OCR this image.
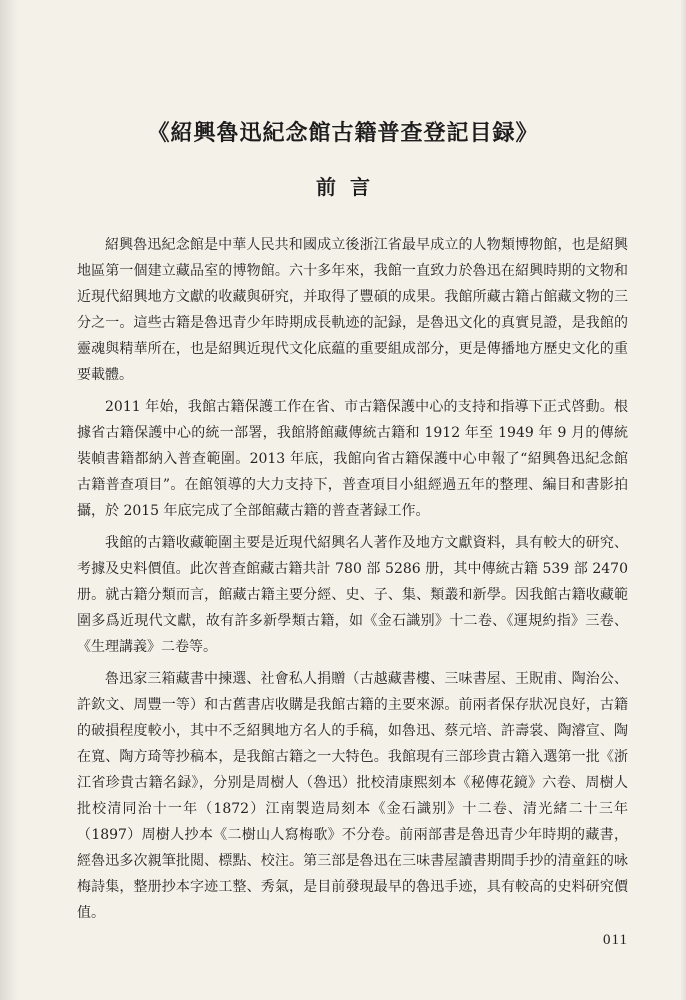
《紹興魯迅紀念館古籍普查登記目録》
前言

紹興魯迅紀念館是中華人民共和國成立後浙江省最早成立的人物類博物館，也是紹興地區第一個建立藏品室的博物館。六十多年來，我館一直致力於魯迅在紹興時期的文物和近現代紹興地方文獻的收藏與研究，并取得了豐碩的成果。我館所藏古籍占館藏文物的三分之一。這些古籍是魯迅青少年時期成長軌迹的記録，是魯迅文化的真實見證，是我館的靈魂與精華所在，也是紹興近現代文化底藴的重要組成部分，更是傳播地方歷史文化的重要載體。

2011 年始，我館古籍保護工作在省、市古籍保護中心的支持和指導下正式啓動。根據省古籍保護中心的統一部署，我館將館藏傳統古籍和 1912 年至 1949 年 9 月的傳統裝幀書籍都納入普查範圍。2013 年底，我館向省古籍保護中心申報了“紹興魯迅紀念館古籍普查項目”。在館領導的大力支持下，普查項目小組經過五年的整理、編目和書影拍攝，於 2015 年底完成了全部館藏古籍的普查著録工作。

我館的古籍收藏範圍主要是近現代紹興名人著作及地方文獻資料，具有較大的研究、考據及史料價值。此次普查館藏古籍共計 780 部 5286 册，其中傳統古籍 539 部 2470 册。就古籍分類而言，館藏古籍主要分經、史、子、集、類叢和新學。因我館古籍收藏範圍多爲近現代文獻，故有許多新學類古籍，如《金石識别》十二卷、《運規約指》三卷、《生理講義》二卷等。

魯迅家三箱藏書中揀選、社會私人捐贈（古越藏書樓、三味書屋、王貺甫、陶治公、許欽文、周豐一等）和古舊書店收購是我館古籍的主要來源。前兩者保存狀况良好，古籍的破損程度較小，其中不乏紹興地方名人的手稿，如魯迅、蔡元培、許壽裳、陶濬宣、陶在寬、陶方琦等抄稿本，是我館古籍之一大特色。我館現有三部珍貴古籍入選第一批《浙江省珍貴古籍名録》，分别是周樹人（魯迅）批校清康熙刻本《秘傳花鏡》六卷、周樹人批校清同治十一年（1872）江南製造局刻本《金石識别》十二卷、清光緒二十三年（1897）周樹人抄本《二樹山人寫梅歌》不分卷。前兩部書是魯迅青少年時期的藏書，經魯迅多次親筆批閲、標點、校注。第三部是魯迅在三味書屋讀書期間手抄的清童鈺的咏梅詩集，整册抄本字迹工整、秀氣，是目前發現最早的魯迅手迹，具有較高的史料研究價值。

011
